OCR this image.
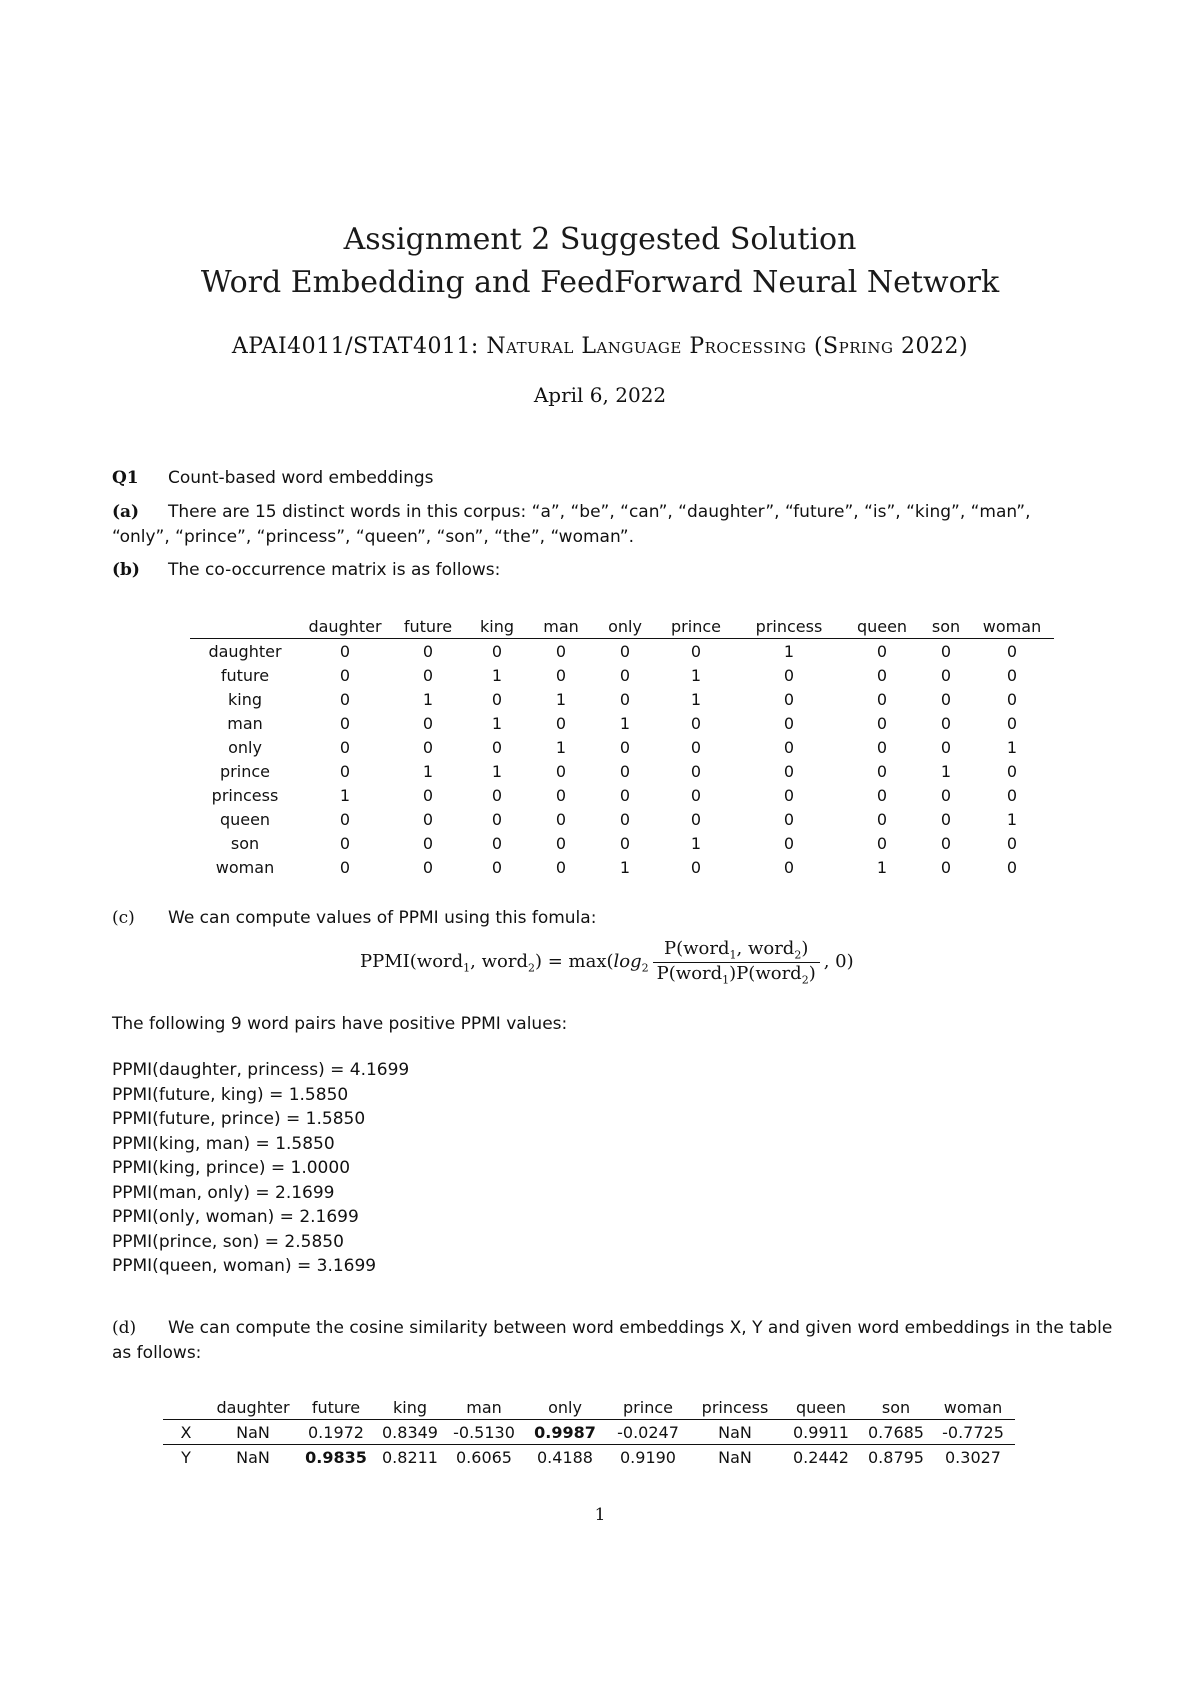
Assignment 2 Suggested Solution
Word Embedding and FeedForward Neural Network
APAI4011/STAT4011: Natural Language Processing (Spring 2022)
April 6, 2022
Q1 Count-based word embeddings
(a) There are 15 distinct words in this corpus: “a”, “be”, “can”, “daughter”, “future”, “is”, “king”, “man”,
“only”, “prince”, “princess”, “queen”, “son”, “the”, “woman”.
(b) The co-occurrence matrix is as follows:
	daughter	future	king	man	only	prince	princess	queen	son	woman
daughter	0	0	0	0	0	0	1	0	0	0
future	0	0	1	0	0	1	0	0	0	0
king	0	1	0	1	0	1	0	0	0	0
man	0	0	1	0	1	0	0	0	0	0
only	0	0	0	1	0	0	0	0	0	1
prince	0	1	1	0	0	0	0	0	1	0
princess	1	0	0	0	0	0	0	0	0	0
queen	0	0	0	0	0	0	0	0	0	1
son	0	0	0	0	0	1	0	0	0	0
woman	0	0	0	0	1	0	0	1	0	0
(c) We can compute values of PPMI using this fomula:
PPMI(word$_1$, word$_2$) = $\max(\log_2 \frac{P(word_1, word_2)}{P(word_1)P(word_2)}$ , 0)
The following 9 word pairs have positive PPMI values:
PPMI(daughter, princess) = 4.1699
PPMI(future, king) = 1.5850
PPMI(future, prince) = 1.5850
PPMI(king, man) = 1.5850
PPMI(king, prince) = 1.0000
PPMI(man, only) = 2.1699
PPMI(only, woman) = 2.1699
PPMI(prince, son) = 2.5850
PPMI(queen, woman) = 3.1699
(d) We can compute the cosine similarity between word embeddings X, Y and given word embeddings in the table
as follows:
	daughter	future	king	man	only	prince	princess	queen	son	woman
X	NaN	0.1972	0.8349	-0.5130	0.9987	-0.0247	NaN	0.9911	0.7685	-0.7725
Y	NaN	0.9835	0.8211	0.6065	0.4188	0.9190	NaN	0.2442	0.8795	0.3027
1
